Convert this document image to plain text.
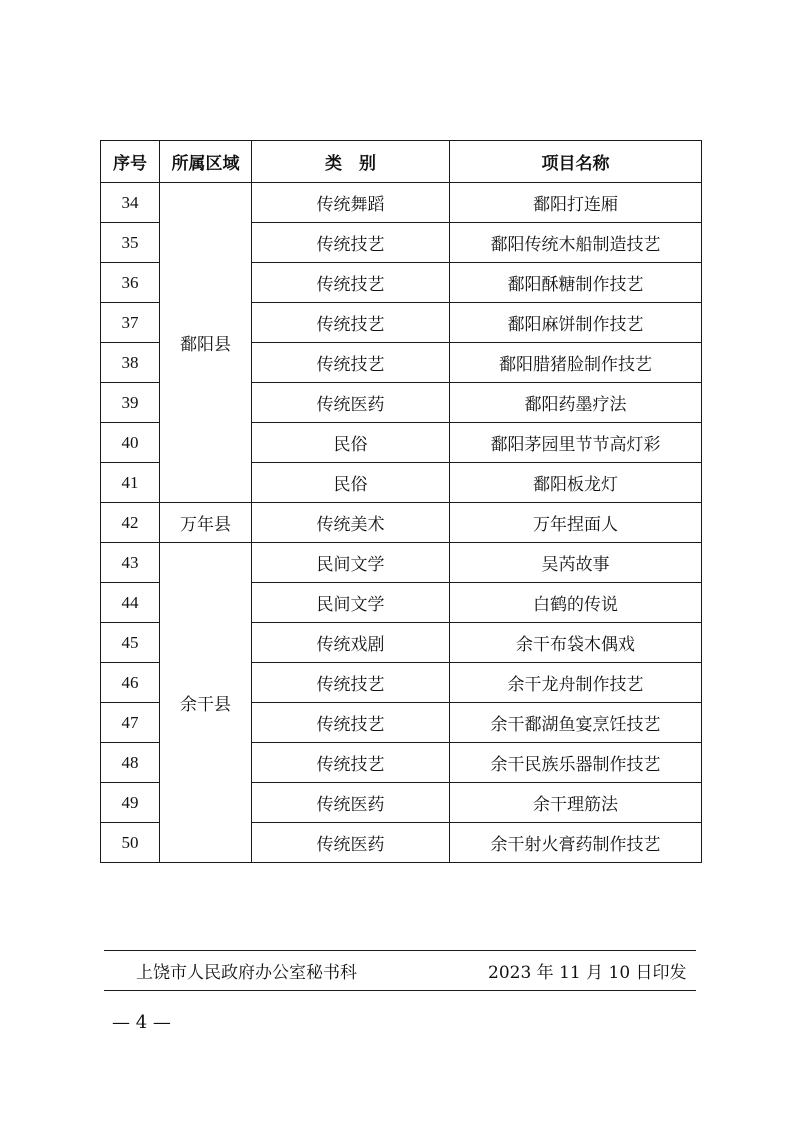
序号	所属区域	类　别	项目名称
34	鄱阳县	传统舞蹈	鄱阳打连厢
35		传统技艺	鄱阳传统木船制造技艺
36		传统技艺	鄱阳酥糖制作技艺
37		传统技艺	鄱阳麻饼制作技艺
38		传统技艺	鄱阳腊猪脸制作技艺
39		传统医药	鄱阳药墨疗法
40		民俗	鄱阳茅园里节节高灯彩
41		民俗	鄱阳板龙灯
42	万年县	传统美术	万年捏面人
43	余干县	民间文学	吴芮故事
44		民间文学	白鹤的传说
45		传统戏剧	余干布袋木偶戏
46		传统技艺	余干龙舟制作技艺
47		传统技艺	余干鄱湖鱼宴烹饪技艺
48		传统技艺	余干民族乐器制作技艺
49		传统医药	余干理筋法
50		传统医药	余干射火膏药制作技艺
上饶市人民政府办公室秘书科	2023 年 11 月 10 日印发
— 4 —
